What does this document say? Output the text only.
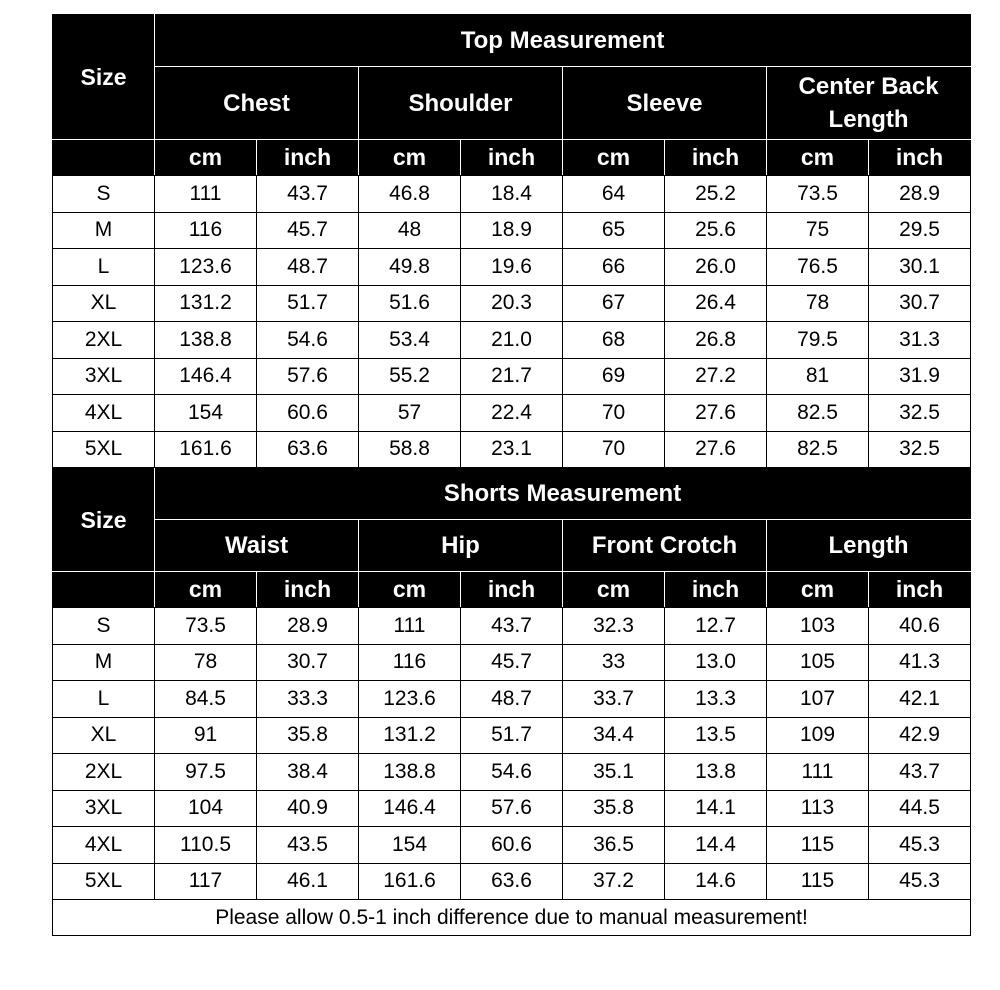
Size	Top Measurement							
	Chest		Shoulder		Sleeve		Center Back Length	
	cm	inch	cm	inch	cm	inch	cm	inch
S	111	43.7	46.8	18.4	64	25.2	73.5	28.9
M	116	45.7	48	18.9	65	25.6	75	29.5
L	123.6	48.7	49.8	19.6	66	26.0	76.5	30.1
XL	131.2	51.7	51.6	20.3	67	26.4	78	30.7
2XL	138.8	54.6	53.4	21.0	68	26.8	79.5	31.3
3XL	146.4	57.6	55.2	21.7	69	27.2	81	31.9
4XL	154	60.6	57	22.4	70	27.6	82.5	32.5
5XL	161.6	63.6	58.8	23.1	70	27.6	82.5	32.5
Size	Shorts Measurement							
	Waist		Hip		Front Crotch		Length	
	cm	inch	cm	inch	cm	inch	cm	inch
S	73.5	28.9	111	43.7	32.3	12.7	103	40.6
M	78	30.7	116	45.7	33	13.0	105	41.3
L	84.5	33.3	123.6	48.7	33.7	13.3	107	42.1
XL	91	35.8	131.2	51.7	34.4	13.5	109	42.9
2XL	97.5	38.4	138.8	54.6	35.1	13.8	111	43.7
3XL	104	40.9	146.4	57.6	35.8	14.1	113	44.5
4XL	110.5	43.5	154	60.6	36.5	14.4	115	45.3
5XL	117	46.1	161.6	63.6	37.2	14.6	115	45.3
Please allow 0.5-1 inch difference due to manual measurement!								
